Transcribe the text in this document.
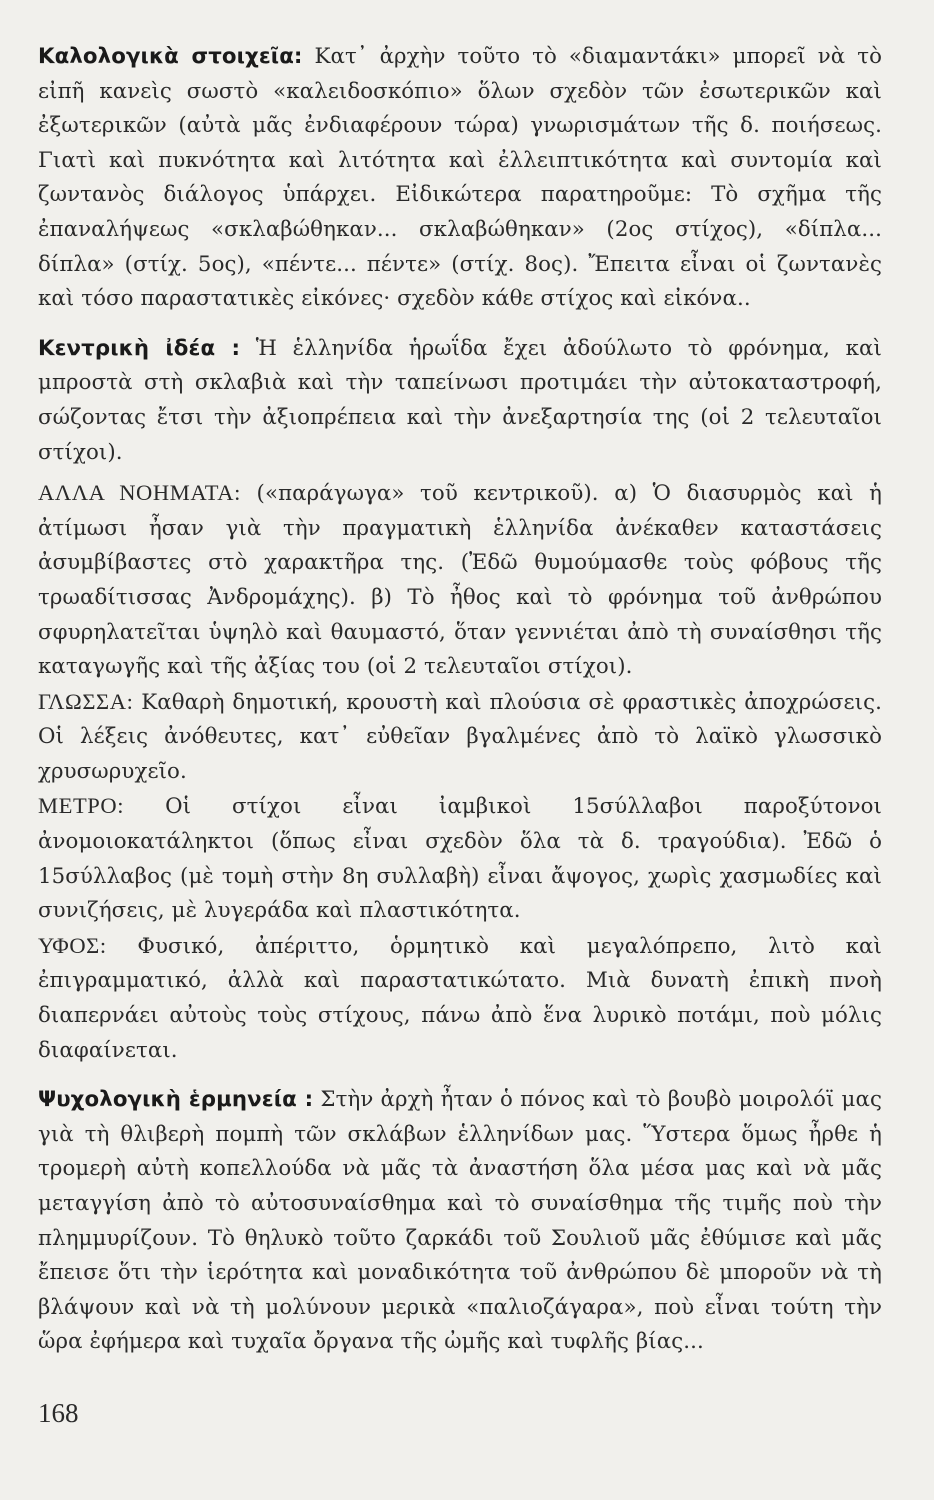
Καλολογικὰ στοιχεῖα: Κατ᾿ ἀρχὴν τοῦτο τὸ «διαμαντάκι» μπορεῖ νὰ τὸ εἰπῆ κανεὶς σωστὸ «καλειδοσκόπιο» ὅλων σχεδὸν τῶν ἐσωτερικῶν καὶ ἐξωτερικῶν (αὐτὰ μᾶς ἐνδιαφέρουν τώρα) γνωρισμάτων τῆς δ. ποιήσεως. Γιατὶ καὶ πυκνότητα καὶ λιτότητα καὶ ἐλλειπτικότητα καὶ συντομία καὶ ζωντανὸς διάλογος ὑπάρχει. Εἰδικώτερα παρατηροῦμε: Τὸ σχῆμα τῆς ἐπαναλήψεως «σκλαβώθηκαν... σκλαβώθηκαν» (2ος στίχος), «δίπλα... δίπλα» (στίχ. 5ος), «πέντε... πέντε» (στίχ. 8ος). Ἔπειτα εἶναι οἱ ζωντανὲς καὶ τόσο παραστατικὲς εἰκόνες· σχεδὸν κάθε στίχος καὶ εἰκόνα..

Κεντρικὴ ἰδέα : Ἡ ἑλληνίδα ἡρωΐδα ἔχει ἀδούλωτο τὸ φρόνημα, καὶ μπροστὰ στὴ σκλαβιὰ καὶ τὴν ταπείνωσι προτιμάει τὴν αὐτοκαταστροφή, σώζοντας ἔτσι τὴν ἀξιοπρέπεια καὶ τὴν ἀνεξαρτησία της (οἱ 2 τελευταῖοι στίχοι).

ΑΛΛΑ ΝΟΗΜΑΤΑ: («παράγωγα» τοῦ κεντρικοῦ). α) Ὁ διασυρμὸς καὶ ἡ ἀτίμωσι ἦσαν γιὰ τὴν πραγματικὴ ἑλληνίδα ἀνέκαθεν καταστάσεις ἀσυμβίβαστες στὸ χαρακτῆρα της. (Ἐδῶ θυμούμασθε τοὺς φόβους τῆς τρωαδίτισσας Ἀνδρομάχης). β) Τὸ ἦθος καὶ τὸ φρόνημα τοῦ ἀνθρώπου σφυρηλατεῖται ὑψηλὸ καὶ θαυμαστό, ὅταν γεννιέται ἀπὸ τὴ συναίσθησι τῆς καταγωγῆς καὶ τῆς ἀξίας του (οἱ 2 τελευταῖοι στίχοι).

ΓΛΩΣΣΑ: Καθαρὴ δημοτική, κρουστὴ καὶ πλούσια σὲ φραστικὲς ἀποχρώσεις. Οἱ λέξεις ἀνόθευτες, κατ᾿ εὐθεῖαν βγαλμένες ἀπὸ τὸ λαϊκὸ γλωσσικὸ χρυσωρυχεῖο.

ΜΕΤΡΟ: Οἱ στίχοι εἶναι ἰαμβικοὶ 15σύλλαβοι παροξύτονοι ἀνομοιοκατάληκτοι (ὅπως εἶναι σχεδὸν ὅλα τὰ δ. τραγούδια). Ἐδῶ ὁ 15σύλλαβος (μὲ τομὴ στὴν 8η συλλαβὴ) εἶναι ἄψογος, χωρὶς χασμωδίες καὶ συνιζήσεις, μὲ λυγεράδα καὶ πλαστικότητα.

ΥΦΟΣ: Φυσικό, ἀπέριττο, ὁρμητικὸ καὶ μεγαλόπρεπο, λιτὸ καὶ ἐπιγραμματικό, ἀλλὰ καὶ παραστατικώτατο. Μιὰ δυνατὴ ἐπικὴ πνοὴ διαπερνάει αὐτοὺς τοὺς στίχους, πάνω ἀπὸ ἕνα λυρικὸ ποτάμι, ποὺ μόλις διαφαίνεται.

Ψυχολογικὴ ἑρμηνεία : Στὴν ἀρχὴ ἦταν ὁ πόνος καὶ τὸ βουβὸ μοιρολόϊ μας γιὰ τὴ θλιβερὴ πομπὴ τῶν σκλάβων ἑλληνίδων μας. Ὕστερα ὅμως ἦρθε ἡ τρομερὴ αὐτὴ κοπελλούδα νὰ μᾶς τὰ ἀναστήση ὅλα μέσα μας καὶ νὰ μᾶς μεταγγίση ἀπὸ τὸ αὐτοσυναίσθημα καὶ τὸ συναίσθημα τῆς τιμῆς ποὺ τὴν πλημμυρίζουν. Τὸ θηλυκὸ τοῦτο ζαρκάδι τοῦ Σουλιοῦ μᾶς ἐθύμισε καὶ μᾶς ἔπεισε ὅτι τὴν ἱερότητα καὶ μοναδικότητα τοῦ ἀνθρώπου δὲ μποροῦν νὰ τὴ βλάψουν καὶ νὰ τὴ μολύνουν μερικὰ «παλιοζάγαρα», ποὺ εἶναι τούτη τὴν ὥρα ἐφήμερα καὶ τυχαῖα ὄργανα τῆς ὠμῆς καὶ τυφλῆς βίας...

168
